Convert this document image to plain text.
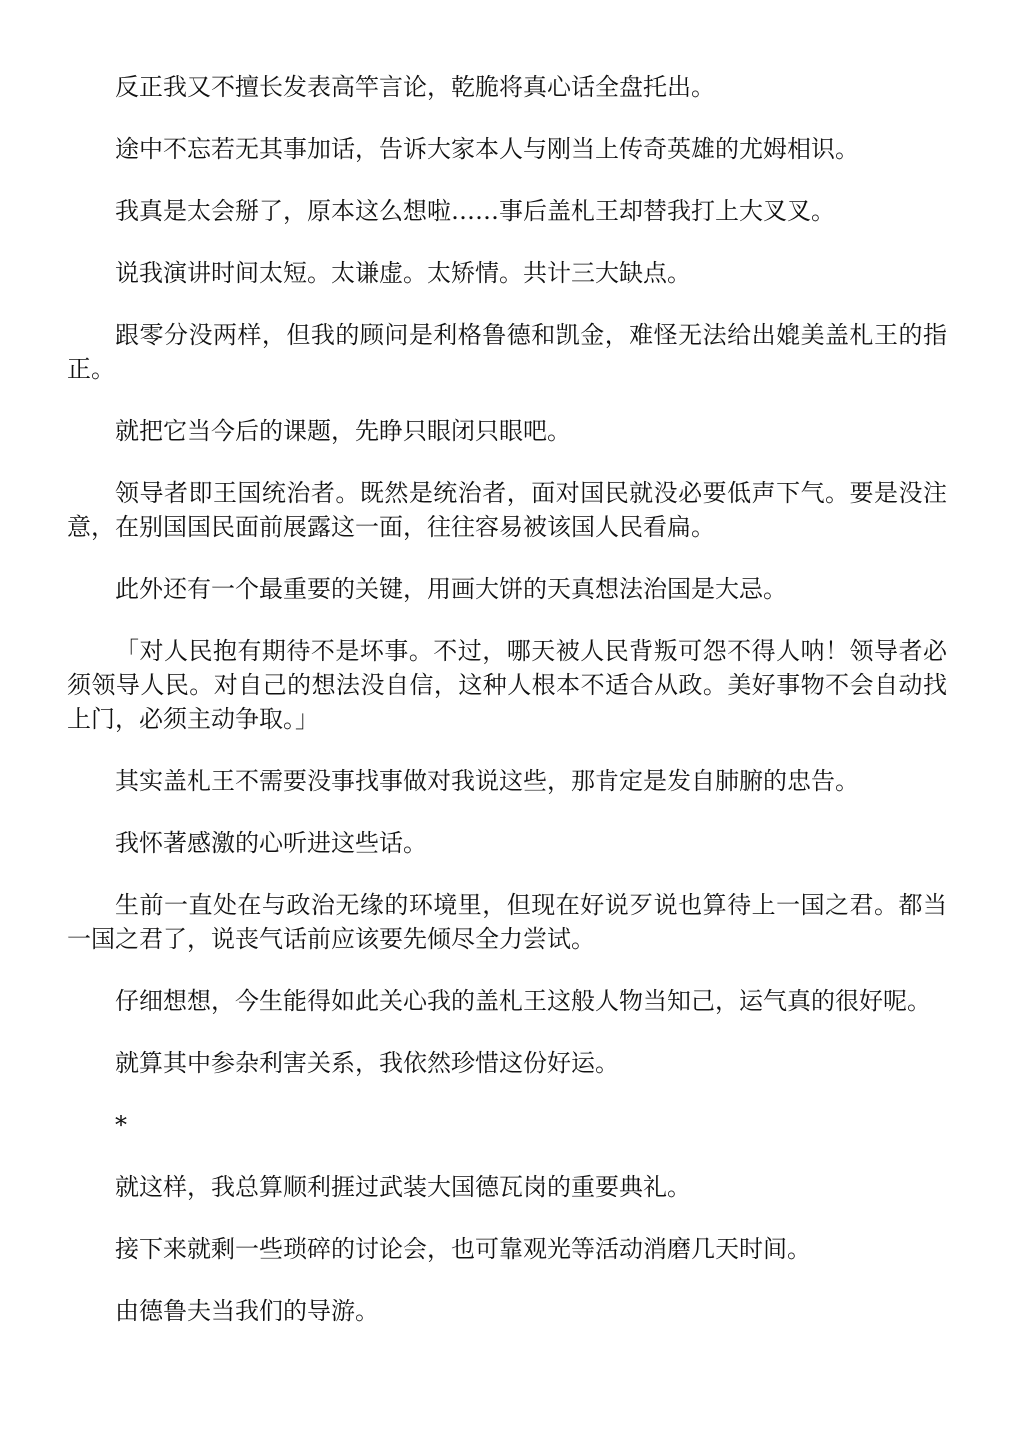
反正我又不擅长发表高竿言论，乾脆将真心话全盘托出。

途中不忘若无其事加话，告诉大家本人与刚当上传奇英雄的尤姆相识。

我真是太会掰了，原本这么想啦……事后盖札王却替我打上大叉叉。

说我演讲时间太短。太谦虚。太矫情。共计三大缺点。

跟零分没两样，但我的顾问是利格鲁德和凯金，难怪无法给出媲美盖札王的指正。

就把它当今后的课题，先睁只眼闭只眼吧。

领导者即王国统治者。既然是统治者，面对国民就没必要低声下气。要是没注意，在别国国民面前展露这一面，往往容易被该国人民看扁。

此外还有一个最重要的关键，用画大饼的天真想法治国是大忌。

「对人民抱有期待不是坏事。不过，哪天被人民背叛可怨不得人呐！领导者必须领导人民。对自己的想法没自信，这种人根本不适合从政。美好事物不会自动找上门，必须主动争取。」

其实盖札王不需要没事找事做对我说这些，那肯定是发自肺腑的忠告。

我怀著感激的心听进这些话。

生前一直处在与政治无缘的环境里，但现在好说歹说也算待上一国之君。都当一国之君了，说丧气话前应该要先倾尽全力尝试。

仔细想想，今生能得如此关心我的盖札王这般人物当知己，运气真的很好呢。

就算其中参杂利害关系，我依然珍惜这份好运。

*

就这样，我总算顺利捱过武装大国德瓦岗的重要典礼。

接下来就剩一些琐碎的讨论会，也可靠观光等活动消磨几天时间。

由德鲁夫当我们的导游。
